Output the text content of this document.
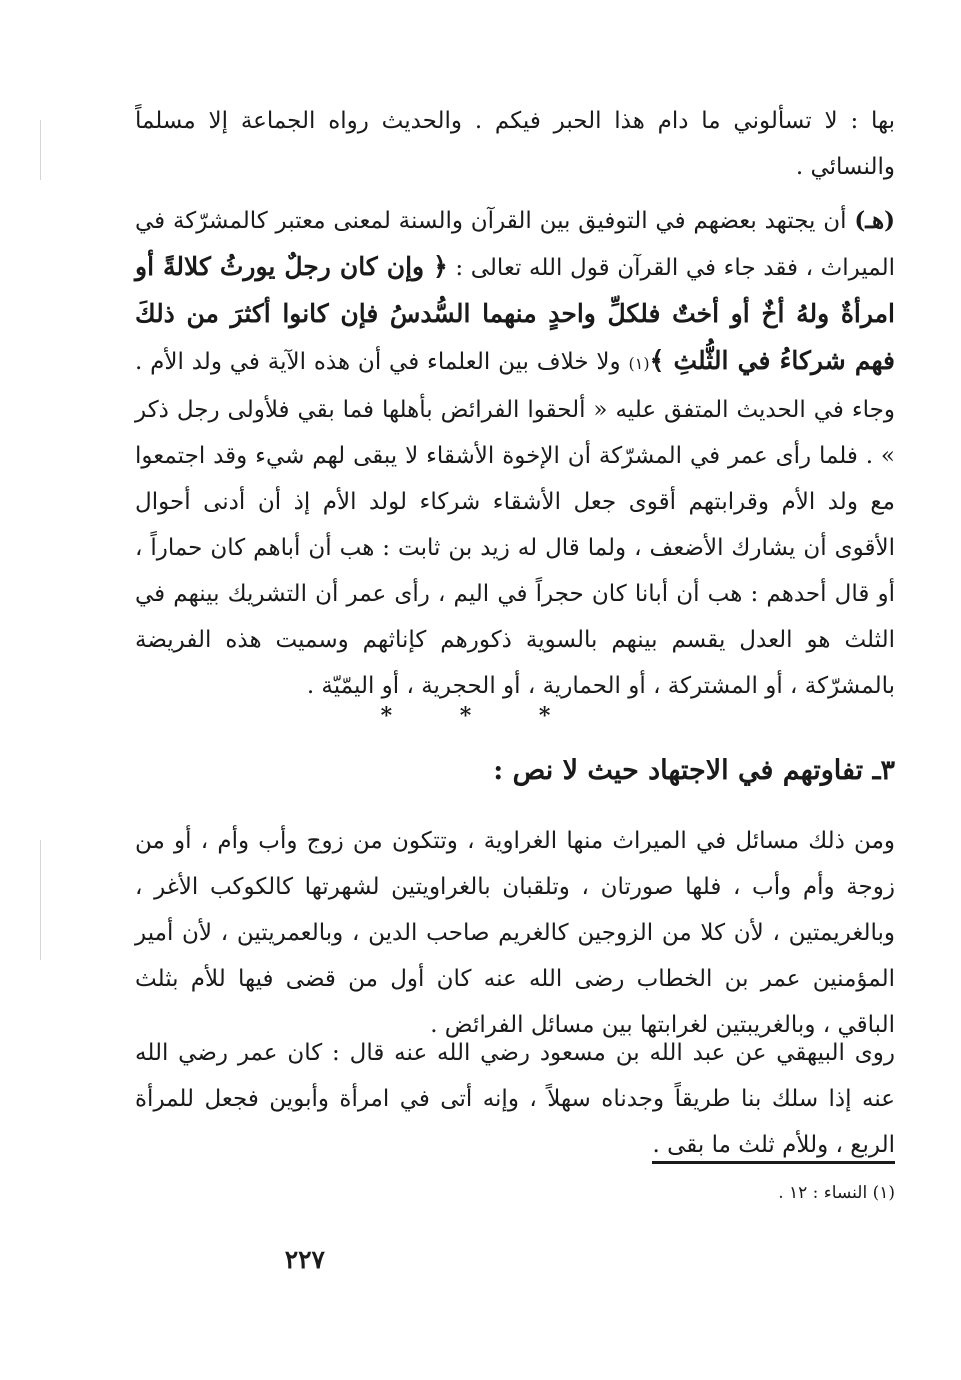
بها : لا تسألوني ما دام هذا الحبر فيكم . والحديث رواه الجماعة إلا مسلماً والنسائي .
(هـ) أن يجتهد بعضهم في التوفيق بين القرآن والسنة لمعنى معتبر كالمشرّكة في الميراث ، فقد جاء في القرآن قول الله تعالى : ﴿ وإن كان رجلٌ يورثُ كلالةً أو امرأةٌ ولهُ أخٌ أو أختٌ فلكلِّ واحدٍ منهما السُّدسُ فإن كانوا أكثرَ من ذلكَ فهم شركاءُ في الثُّلثِ ﴾(١) ولا خلاف بين العلماء في أن هذه الآية في ولد الأم . وجاء في الحديث المتفق عليه « ألحقوا الفرائض بأهلها فما بقي فلأولى رجل ذكر » . فلما رأى عمر في المشرّكة أن الإخوة الأشقاء لا يبقى لهم شيء وقد اجتمعوا مع ولد الأم وقرابتهم أقوى جعل الأشقاء شركاء لولد الأم إذ أن أدنى أحوال الأقوى أن يشارك الأضعف ، ولما قال له زيد بن ثابت : هب أن أباهم كان حماراً ، أو قال أحدهم : هب أن أبانا كان حجراً في اليم ، رأى عمر أن التشريك بينهم في الثلث هو العدل يقسم بينهم بالسوية ذكورهم كإناثهم وسميت هذه الفريضة بالمشرّكة ، أو المشتركة ، أو الحمارية ، أو الحجرية ، أو اليمّيّة .
* * *
٣ـ تفاوتهم في الاجتهاد حيث لا نص :
ومن ذلك مسائل في الميراث منها الغراوية ، وتتكون من زوج وأب وأم ، أو من زوجة وأم وأب ، فلها صورتان ، وتلقبان بالغراويتين لشهرتها كالكوكب الأغر ، وبالغريمتين ، لأن كلا من الزوجين كالغريم صاحب الدين ، وبالعمريتين ، لأن أمير المؤمنين عمر بن الخطاب رضى الله عنه كان أول من قضى فيها للأم بثلث الباقي ، وبالغريبتين لغرابتها بين مسائل الفرائض .
روى البيهقي عن عبد الله بن مسعود رضي الله عنه قال : كان عمر رضي الله عنه إذا سلك بنا طريقاً وجدناه سهلاً ، وإنه أتى في امرأة وأبوين فجعل للمرأة الربع ، وللأم ثلث ما بقى .
(١) النساء : ١٢ .
٢٢٧
